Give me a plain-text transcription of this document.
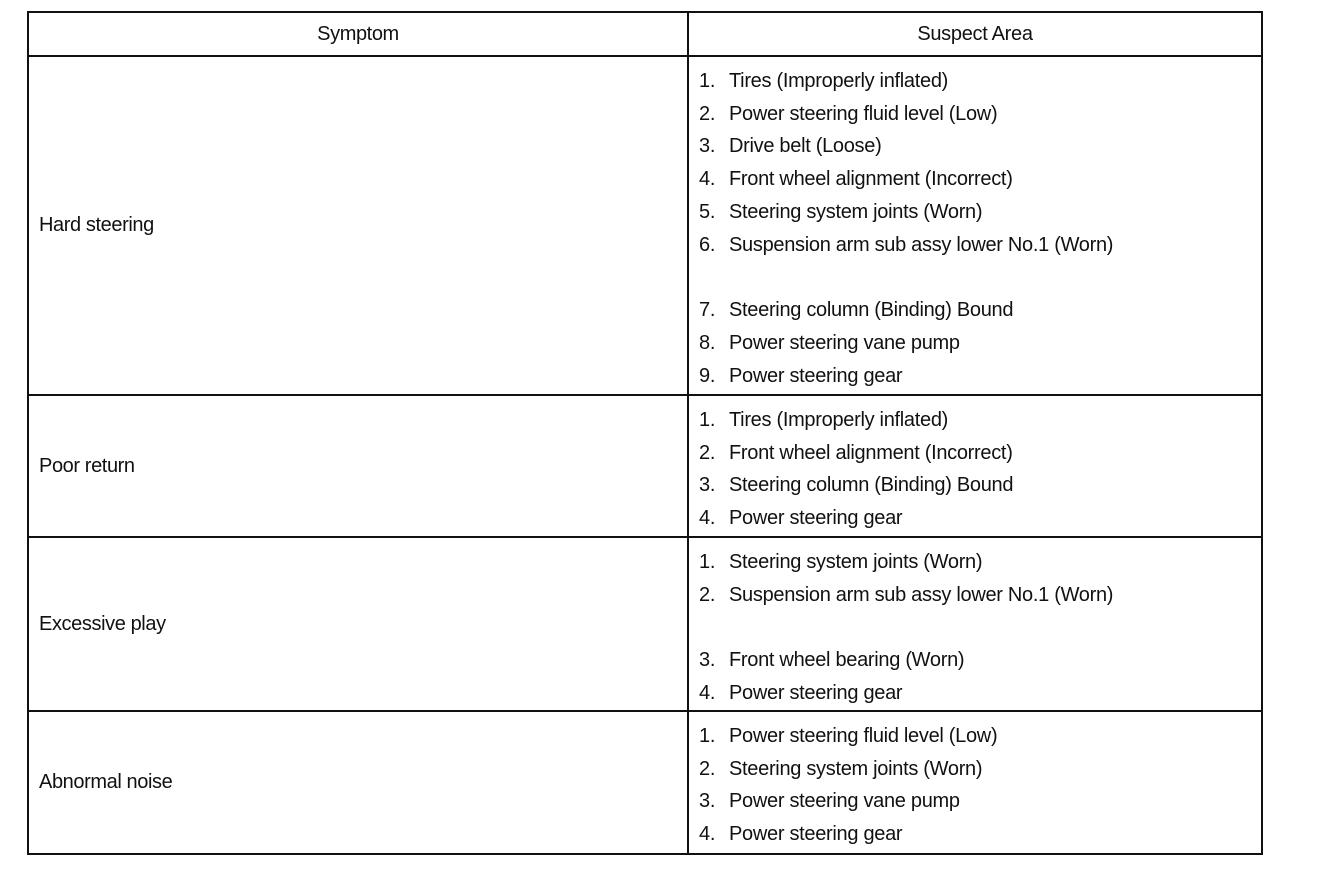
Symptom	Suspect Area
Hard steering
1. Tires (Improperly inflated)
2. Power steering fluid level (Low)
3. Drive belt (Loose)
4. Front wheel alignment (Incorrect)
5. Steering system joints (Worn)
6. Suspension arm sub assy lower No.1 (Worn)
7. Steering column (Binding) Bound
8. Power steering vane pump
9. Power steering gear
Poor return
1. Tires (Improperly inflated)
2. Front wheel alignment (Incorrect)
3. Steering column (Binding) Bound
4. Power steering gear
Excessive play
1. Steering system joints (Worn)
2. Suspension arm sub assy lower No.1 (Worn)
3. Front wheel bearing (Worn)
4. Power steering gear
Abnormal noise
1. Power steering fluid level (Low)
2. Steering system joints (Worn)
3. Power steering vane pump
4. Power steering gear
